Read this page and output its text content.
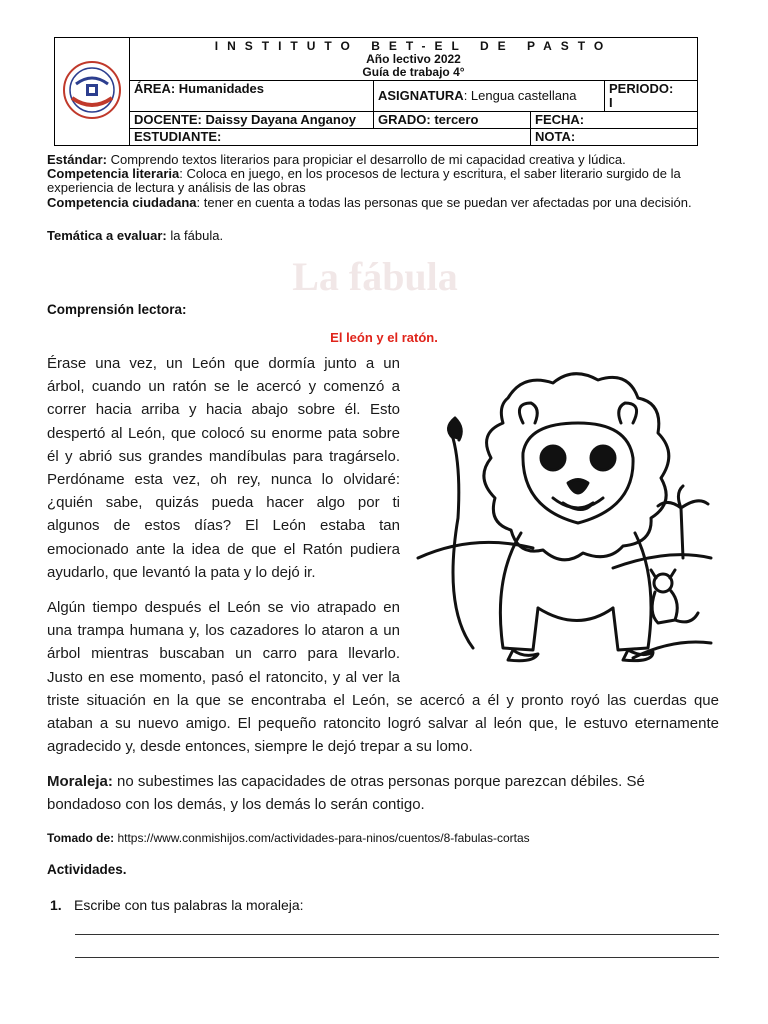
INSTITUTO BET-EL DE PASTO
Año lectivo 2022
Guía de trabajo 4°			

	ÁREA: Humanidades	ASIGNATURA: Lengua castellana		PERIODO:
I

	DOCENTE: Daissy Dayana Anganoy	GRADO: tercero	FECHA:	
	ESTUDIANTE:		NOTA:	
Estándar: Comprendo textos literarios para propiciar el desarrollo de mi capacidad creativa y lúdica.
Competencia literaria: Coloca en juego, en los procesos de lectura y escritura, el saber literario surgido de la experiencia de lectura y análisis de las obras
Competencia ciudadana: tener en cuenta a todas las personas que se puedan ver afectadas por una decisión.
Temática a evaluar: la fábula.
La fábula
Comprensión lectora:
El león y el ratón.
Érase una vez, un León que dormía junto a un
árbol, cuando un ratón se le acercó y comenzó a
correr hacia arriba y hacia abajo sobre él. Esto
despertó al León, que colocó su enorme pata sobre
él y abrió sus grandes mandíbulas para tragárselo.
Perdóname esta vez, oh rey, nunca lo olvidaré:
¿quién sabe, quizás pueda hacer algo por ti
algunos de estos días? El León estaba tan
emocionado ante la idea de que el Ratón pudiera
ayudarlo, que levantó la pata y lo dejó ir.
Algún tiempo después el León se vio atrapado en
una trampa humana y, los cazadores lo ataron a un
árbol mientras buscaban un carro para llevarlo.
Justo en ese momento, pasó el ratoncito, y al ver la
triste situación en la que se encontraba el León, se acercó a él y pronto royó las cuerdas que
ataban a su nuevo amigo. El pequeño ratoncito logró salvar al león que, le estuvo eternamente
agradecido y, desde entonces, siempre le dejó trepar a su lomo.
Moraleja: no subestimes las capacidades de otras personas porque parezcan débiles. Sé
bondadoso con los demás, y los demás lo serán contigo.
Tomado de: https://www.conmishijos.com/actividades-para-ninos/cuentos/8-fabulas-cortas
Actividades.
1. Escribe con tus palabras la moraleja:
